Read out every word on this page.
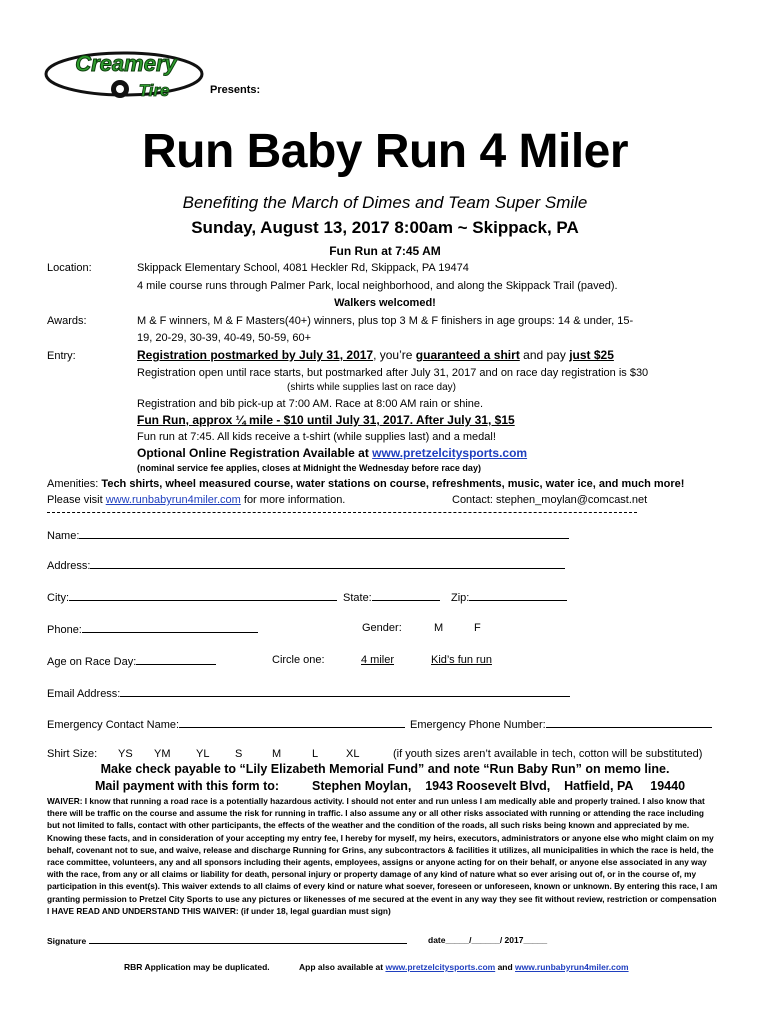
Creamery
Tire	Presents:
Run Baby Run 4 Miler
Benefiting the March of Dimes and Team Super Smile
Sunday, August 13, 2017 8:00am ~ Skippack, PA
Fun Run at 7:45 AM
Location:	Skippack Elementary School, 4081 Heckler Rd, Skippack, PA 19474
4 mile course runs through Palmer Park, local neighborhood, and along the Skippack Trail (paved).
Walkers welcomed!
Awards:	M & F winners, M & F Masters(40+) winners, plus top 3 M & F finishers in age groups: 14 & under, 15-
19, 20-29, 30-39, 40-49, 50-59, 60+
Entry:	Registration postmarked by July 31, 2017, you’re guaranteed a shirt and pay just $25
Registration open until race starts, but postmarked after July 31, 2017 and on race day registration is $30
(shirts while supplies last on race day)
Registration and bib pick-up at 7:00 AM. Race at 8:00 AM rain or shine.
Fun Run, approx ¼ mile - $10 until July 31, 2017. After July 31, $15
Fun run at 7:45. All kids receive a t-shirt (while supplies last) and a medal!
Optional Online Registration Available at www.pretzelcitysports.com
(nominal service fee applies, closes at Midnight the Wednesday before race day)
Amenities: Tech shirts, wheel measured course, water stations on course, refreshments, music, water ice, and much more!
Please visit www.runbabyrun4miler.com for more information.	Contact: stephen_moylan@comcast.net
Name:
Address:
City:	State:	Zip:
Phone:	Gender:	M	F
Age on Race Day:	Circle one:	4 miler	Kid’s fun run
Email Address:
Emergency Contact Name:	Emergency Phone Number:
Shirt Size: YS YM YL S	M	L	XL	(if youth sizes aren’t available in tech, cotton will be substituted)
Make check payable to “Lily Elizabeth Memorial Fund” and note “Run Baby Run” on memo line.
Mail payment with this form to:	Stephen Moylan,    1943 Roosevelt Blvd,    Hatfield, PA     19440
WAIVER: I know that running a road race is a potentially hazardous activity. I should not enter and run unless I am medically able and properly trained. I also know that there will be traffic on the course and assume the risk for running in traffic. I also assume any or all other risks associated with running or attending the race including but not limited to falls, contact with other participants, the effects of the weather and the condition of the roads, all such risks being known and appreciated by me. Knowing these facts, and in consideration of your accepting my entry fee, I hereby for myself, my heirs, executors, administrators or anyone else who might claim on my behalf, covenant not to sue, and waive, release and discharge Running for Grins, any subcontractors & facilities it utilizes, all municipalities in which the race is held, the race committee, volunteers, any and all sponsors including their agents, employees, assigns or anyone acting for on their behalf, or anyone else associated in any way with the race, from any or all claims or liability for death, personal injury or property damage of any kind of nature what so ever arising out of, or in the course of, my participation in this event(s). This waiver extends to all claims of every kind or nature what soever, foreseen or unforeseen, known or unknown. By entering this race, I am granting permission to Pretzel City Sports to use any pictures or likenesses of me secured at the event in any way they see fit without review, restriction or compensation I HAVE READ AND UNDERSTAND THIS WAIVER: (if under 18, legal guardian must sign)
Signature	date_____/______/ 2017_____
RBR Application may be duplicated.	App also available at www.pretzelcitysports.com and www.runbabyrun4miler.com
